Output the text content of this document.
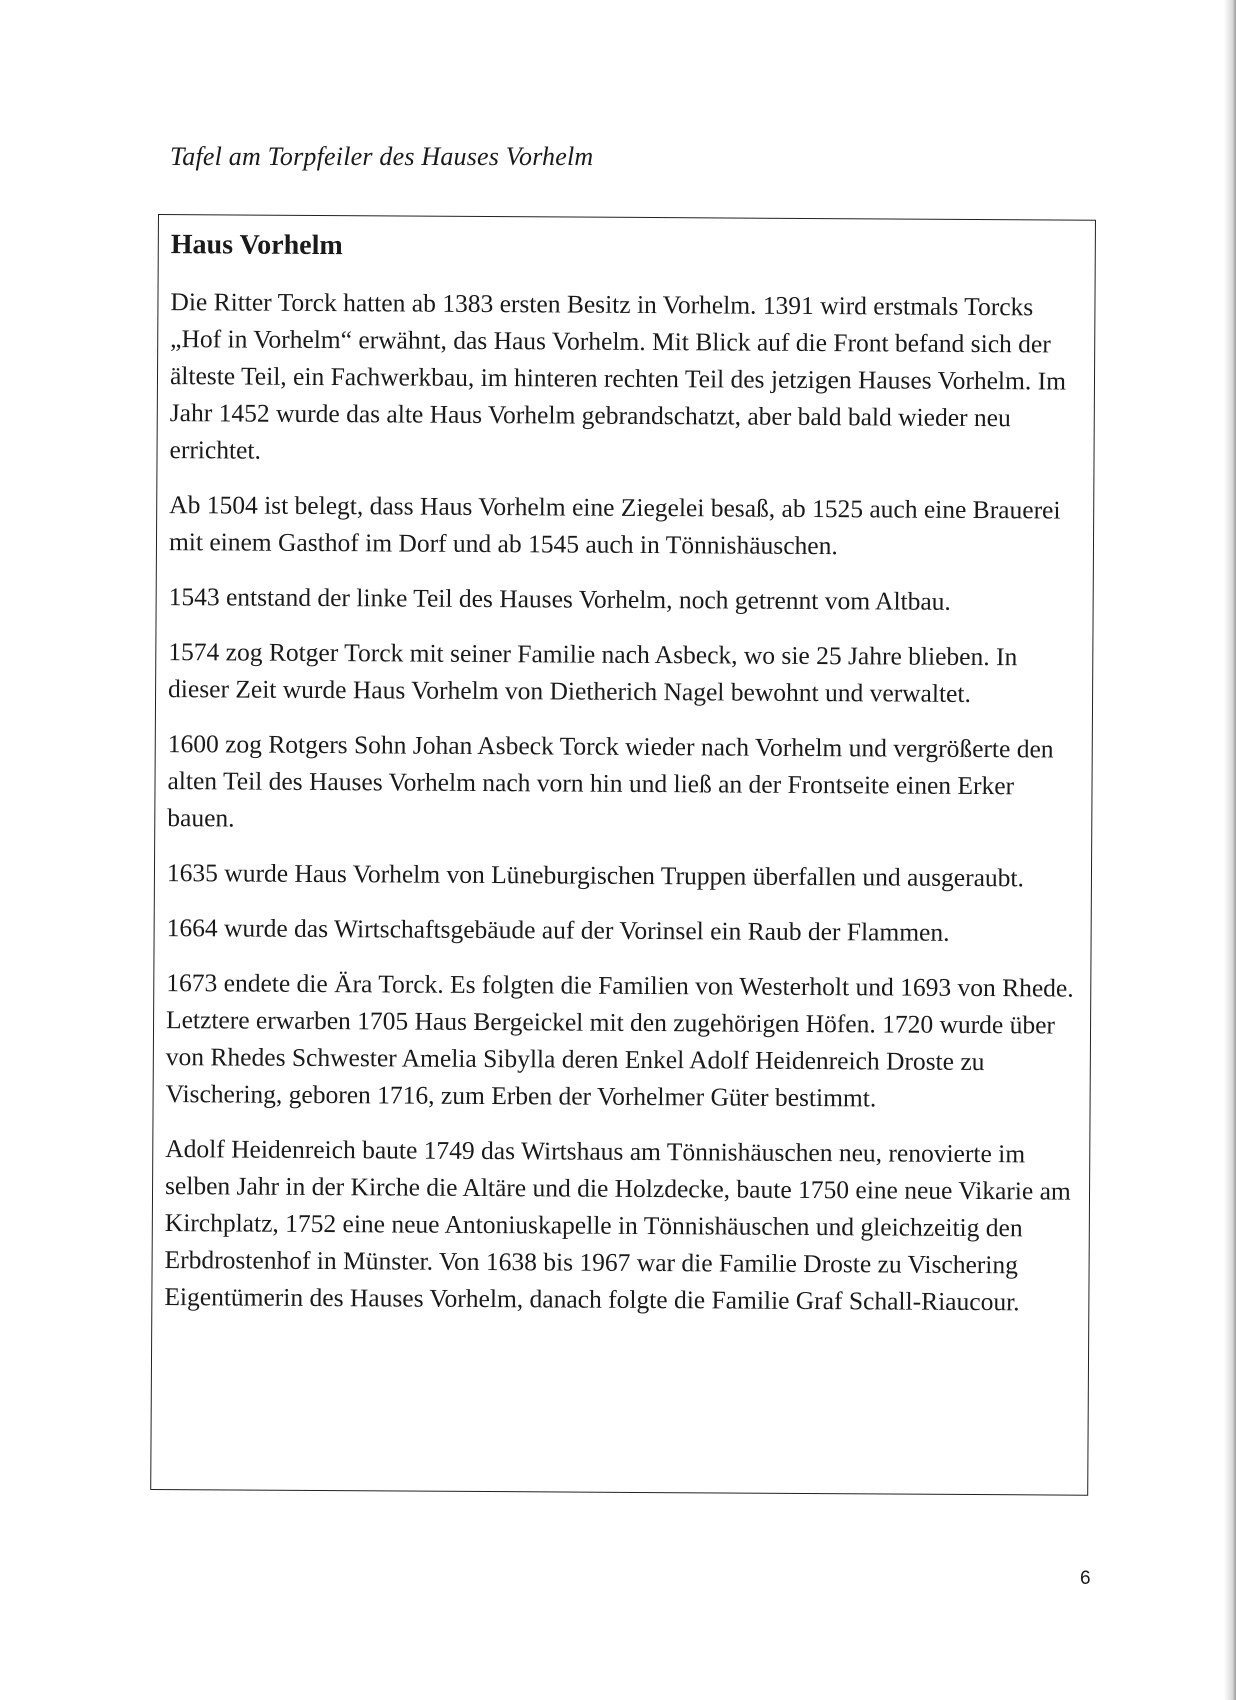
Tafel am Torpfeiler des Hauses Vorhelm
Haus Vorhelm

Die Ritter Torck hatten ab 1383 ersten Besitz in Vorhelm. 1391 wird erstmals Torcks „Hof in Vorhelm“ erwähnt, das Haus Vorhelm. Mit Blick auf die Front befand sich der älteste Teil, ein Fachwerkbau, im hinteren rechten Teil des jetzigen Hauses Vorhelm. Im Jahr 1452 wurde das alte Haus Vorhelm gebrandschatzt, aber bald bald wieder neu errichtet.

Ab 1504 ist belegt, dass Haus Vorhelm eine Ziegelei besaß, ab 1525 auch eine Brauerei mit einem Gasthof im Dorf und ab 1545 auch in Tönnishäuschen.

1543 entstand der linke Teil des Hauses Vorhelm, noch getrennt vom Altbau.

1574 zog Rotger Torck mit seiner Familie nach Asbeck, wo sie 25 Jahre blieben. In dieser Zeit wurde Haus Vorhelm von Dietherich Nagel bewohnt und verwaltet.

1600 zog Rotgers Sohn Johan Asbeck Torck wieder nach Vorhelm und vergrößerte den alten Teil des Hauses Vorhelm nach vorn hin und ließ an der Frontseite einen Erker bauen.

1635 wurde Haus Vorhelm von Lüneburgischen Truppen überfallen und ausgeraubt.

1664 wurde das Wirtschaftsgebäude auf der Vorinsel ein Raub der Flammen.

1673 endete die Ära Torck. Es folgten die Familien von Westerholt und 1693 von Rhede. Letztere erwarben 1705 Haus Bergeickel mit den zugehörigen Höfen. 1720 wurde über von Rhedes Schwester Amelia Sibylla deren Enkel Adolf Heidenreich Droste zu Vischering, geboren 1716, zum Erben der Vorhelmer Güter bestimmt.

Adolf Heidenreich baute 1749 das Wirtshaus am Tönnishäuschen neu, renovierte im selben Jahr in der Kirche die Altäre und die Holzdecke, baute 1750 eine neue Vikarie am Kirchplatz, 1752 eine neue Antoniuskapelle in Tönnishäuschen und gleichzeitig den Erbdrostenhof in Münster. Von 1638 bis 1967 war die Familie Droste zu Vischering Eigentümerin des Hauses Vorhelm, danach folgte die Familie Graf Schall-Riaucour.

6
